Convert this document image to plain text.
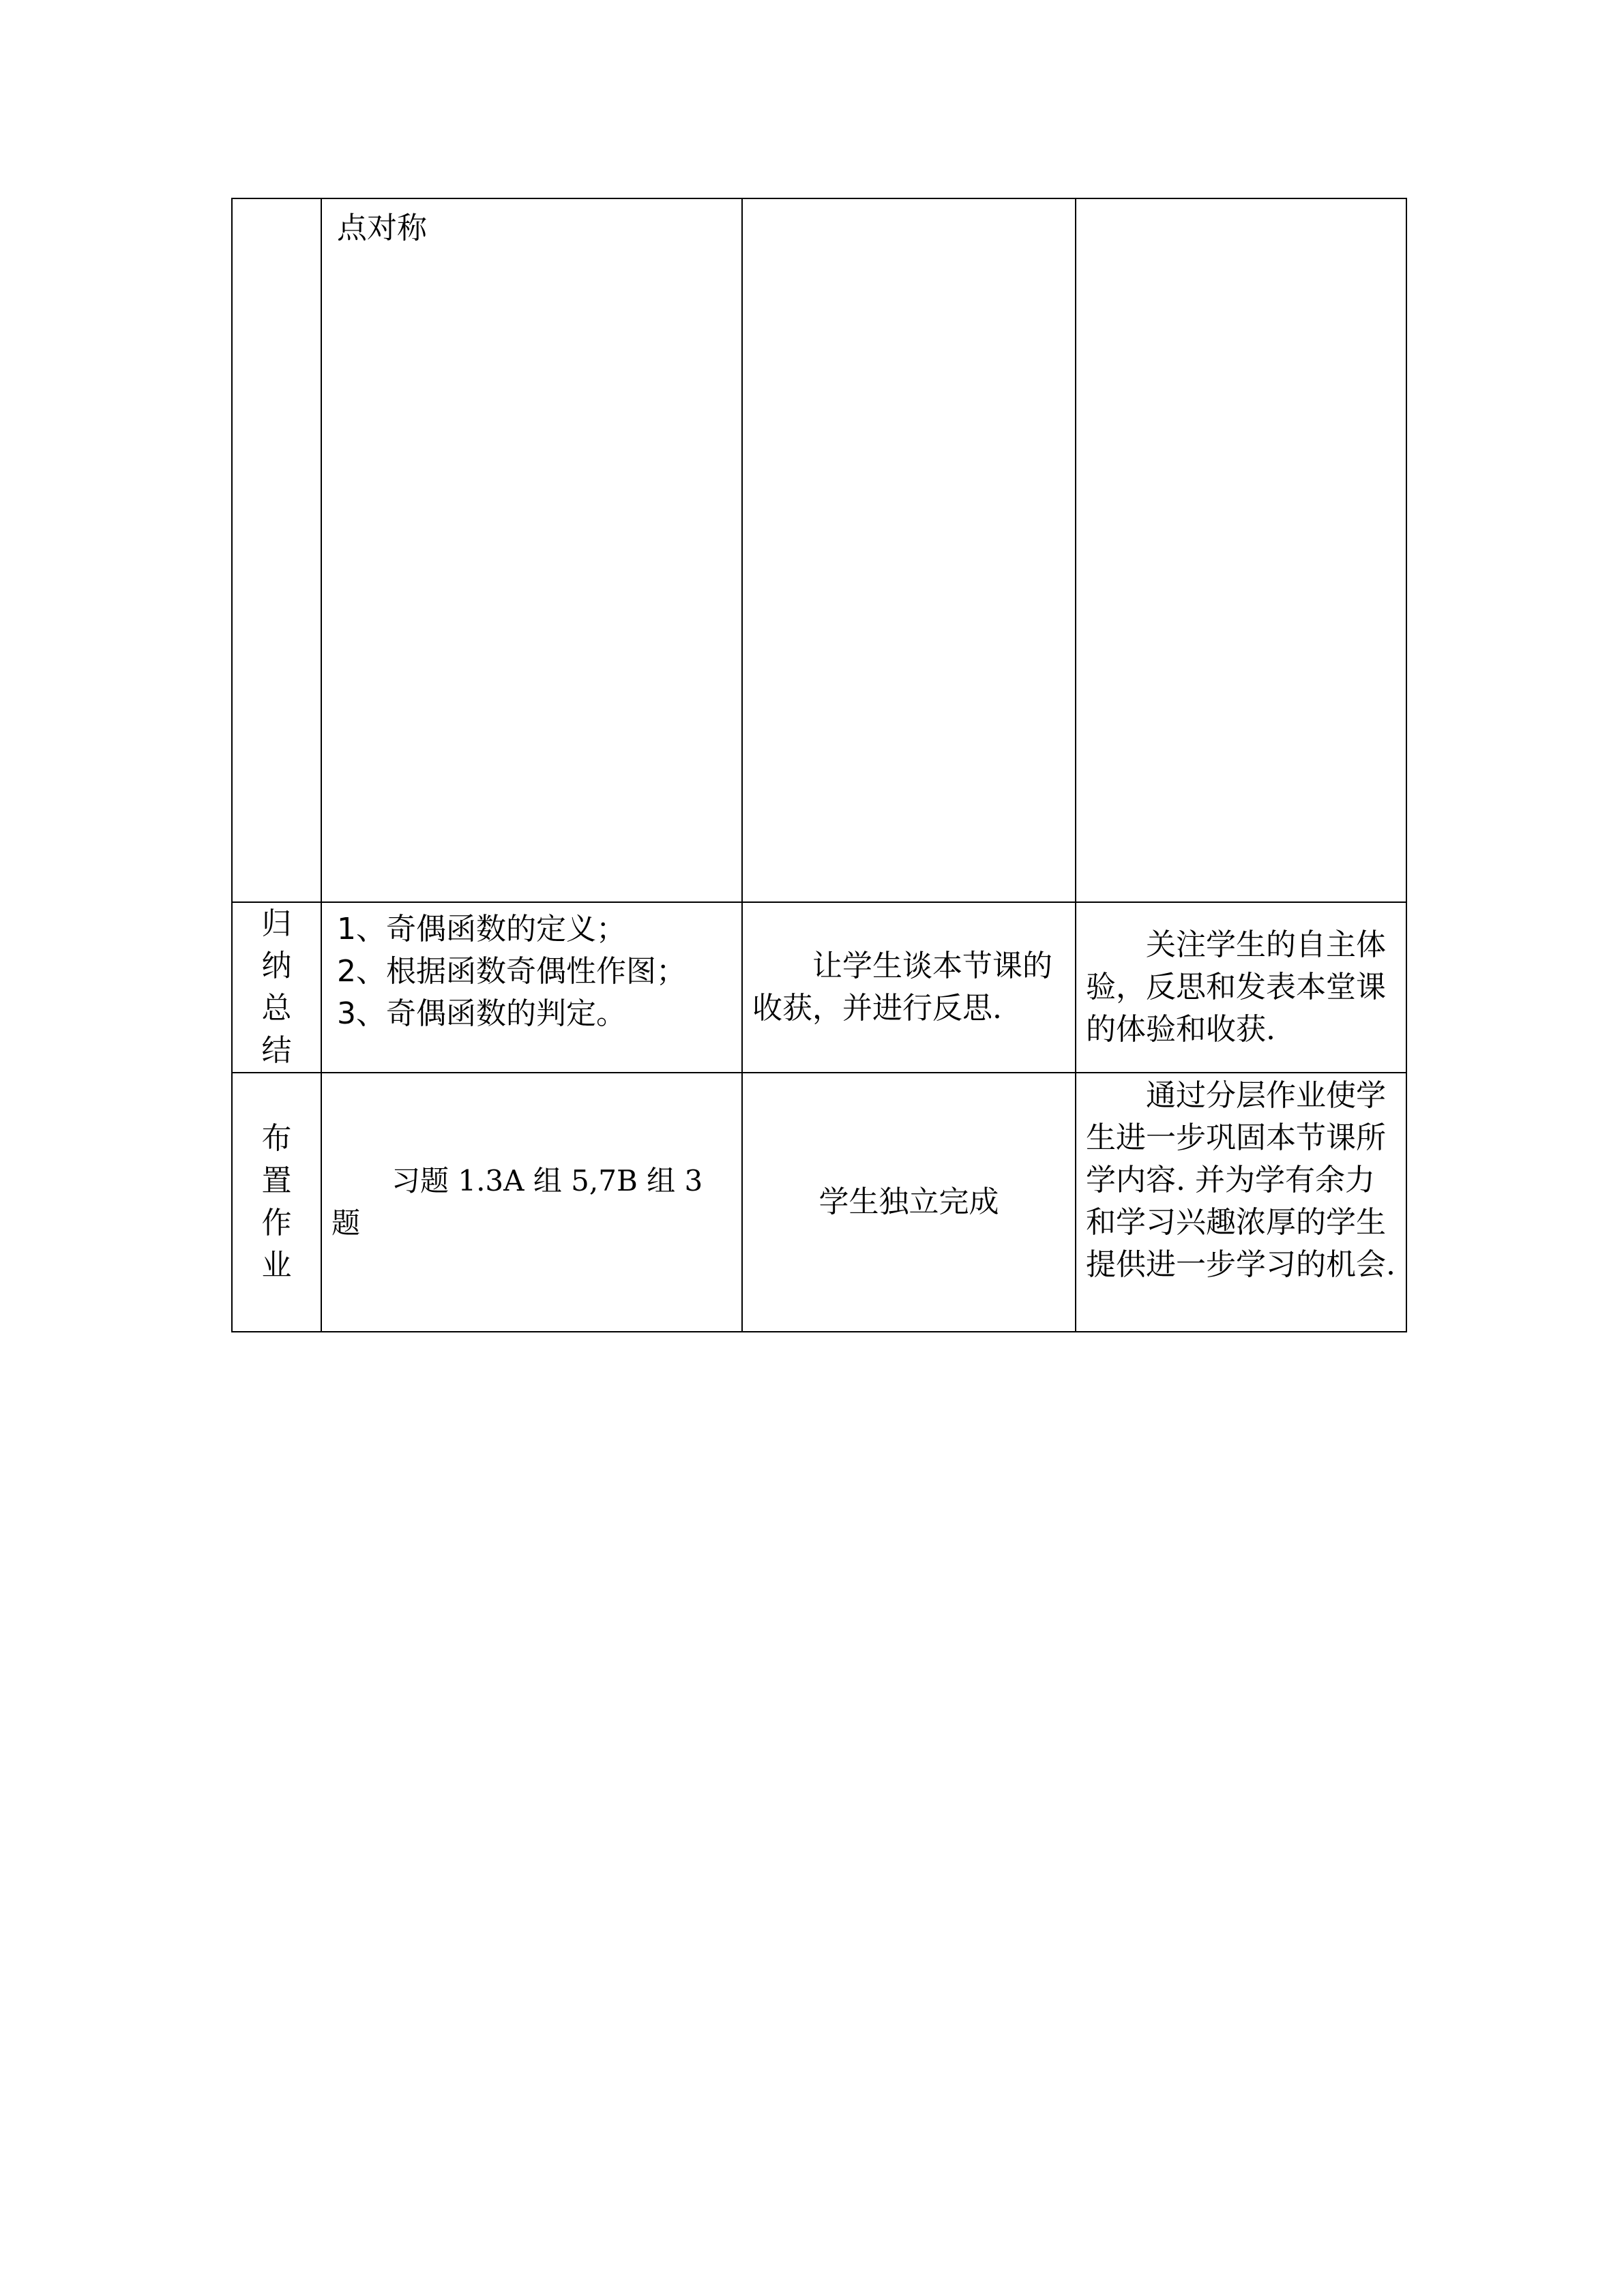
	点对称		

归纳总结	1、奇偶函数的定义；
2、根据函数奇偶性作图；
3、奇偶函数的判定。	让学生谈本节课的收获，并进行反思.	关注学生的自主体验，反思和发表本堂课的体验和收获.

布置作业	习题 1.3A 组 5,7B 组 3 题	学生独立完成	通过分层作业使学生进一步巩固本节课所学内容. 并为学有余力和学习兴趣浓厚的学生提供进一步学习的机会.
